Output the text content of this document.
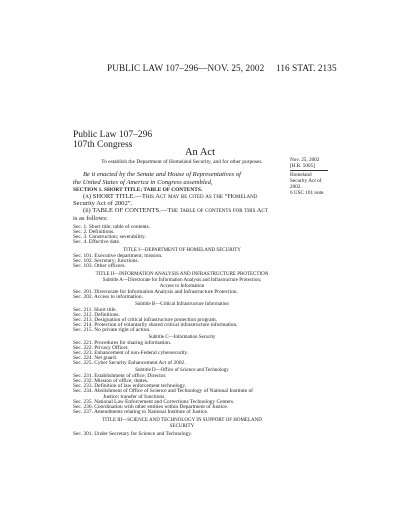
PUBLIC LAW 107–296—NOV. 25, 2002 116 STAT. 2135
Public Law 107–296
107th Congress
An Act
Nov. 25, 2002
[H.R. 5005]
Homeland
Security Act of
2002.
6 USC 101 note.
To establish the Department of Homeland Security, and for other purposes.
Be it enacted by the Senate and House of Representatives of
the United States of America in Congress assembled,
SECTION 1. SHORT TITLE; TABLE OF CONTENTS.
(a) SHORT TITLE.—This Act may be cited as the “Homeland
Security Act of 2002”.
(b) TABLE OF CONTENTS.—The table of contents for this Act
is as follows:
Sec. 1. Short title; table of contents.
Sec. 2. Definitions.
Sec. 3. Construction; severability.
Sec. 4. Effective date.
TITLE I—DEPARTMENT OF HOMELAND SECURITY
Sec. 101. Executive department; mission.
Sec. 102. Secretary; functions.
Sec. 103. Other officers.
TITLE II—INFORMATION ANALYSIS AND INFRASTRUCTURE PROTECTION
Subtitle A—Directorate for Information Analysis and Infrastructure Protection;
Access to Information
Sec. 201. Directorate for Information Analysis and Infrastructure Protection.
Sec. 202. Access to information.
Subtitle B—Critical Infrastructure Information
Sec. 211. Short title.
Sec. 212. Definitions.
Sec. 213. Designation of critical infrastructure protection program.
Sec. 214. Protection of voluntarily shared critical infrastructure information.
Sec. 215. No private right of action.
Subtitle C—Information Security
Sec. 221. Procedures for sharing information.
Sec. 222. Privacy Officer.
Sec. 223. Enhancement of non-Federal cybersecurity.
Sec. 224. Net guard.
Sec. 225. Cyber Security Enhancement Act of 2002.
Subtitle D—Office of Science and Technology
Sec. 231. Establishment of office; Director.
Sec. 232. Mission of office; duties.
Sec. 233. Definition of law enforcement technology.
Sec. 234. Abolishment of Office of Science and Technology of National Institute of
Justice; transfer of functions.
Sec. 235. National Law Enforcement and Corrections Technology Centers.
Sec. 236. Coordination with other entities within Department of Justice.
Sec. 237. Amendments relating to National Institute of Justice.
TITLE III—SCIENCE AND TECHNOLOGY IN SUPPORT OF HOMELAND
SECURITY
Sec. 301. Under Secretary for Science and Technology.
